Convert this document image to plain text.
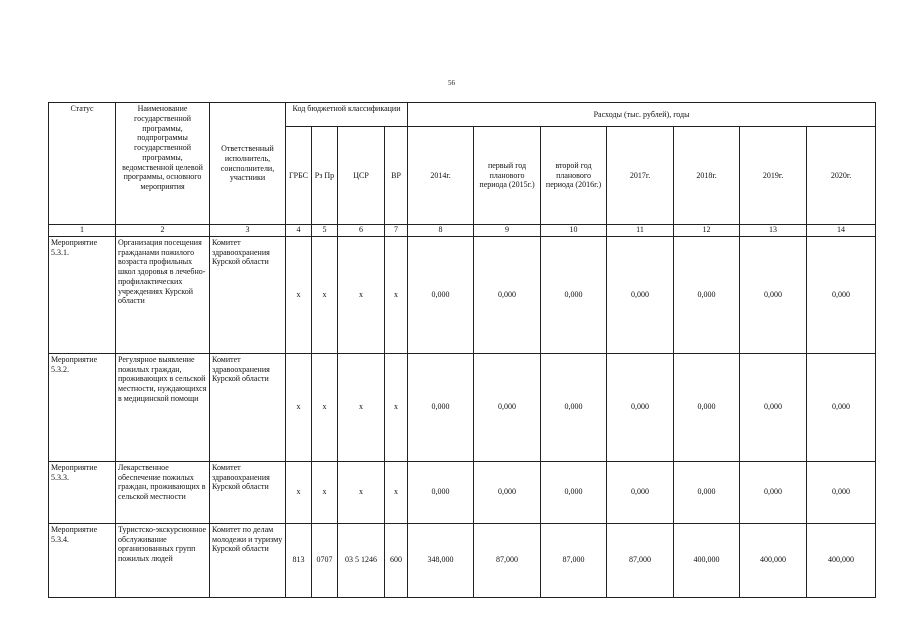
56
Статус	Наименование государственной программы, подпрограммы государственной программы, ведомственной целевой программы, основного мероприятия	Ответственный исполнитель, соисполнители, участники	Код бюджетной классификации				Расходы (тыс. рублей), годы						
			ГРБС	Рз Пр	ЦСР	ВР	2014г.	первый год планового периода (2015г.)	второй год планового периода (2016г.)	2017г.	2018г.	2019г.	2020г.
1	2	3	4	5	6	7	8	9	10	11	12	13	14
Мероприятие 5.3.1.	Организация посещения гражданами пожилого возраста профильных школ здоровья в лечебно-профилактических учреждениях Курской области	Комитет здравоохранения Курской области	х	х	х	х	0,000	0,000	0,000	0,000	0,000	0,000	0,000
Мероприятие 5.3.2.	Регулярное выявление пожилых граждан, проживающих в сельской местности, нуждающихся в медицинской помощи	Комитет здравоохранения Курской области	х	х	х	х	0,000	0,000	0,000	0,000	0,000	0,000	0,000
Мероприятие 5.3.3.	Лекарственное обеспечение пожилых граждан, проживающих в сельской местности	Комитет здравоохранения Курской области	х	х	х	х	0,000	0,000	0,000	0,000	0,000	0,000	0,000
Мероприятие 5.3.4.	Туристско-экскурсионное обслуживание организованных групп пожилых людей	Комитет по делам молодежи и туризму Курской области	813	0707	03 5 1246	600	348,000	87,000	87,000	87,000	400,000	400,000	400,000
